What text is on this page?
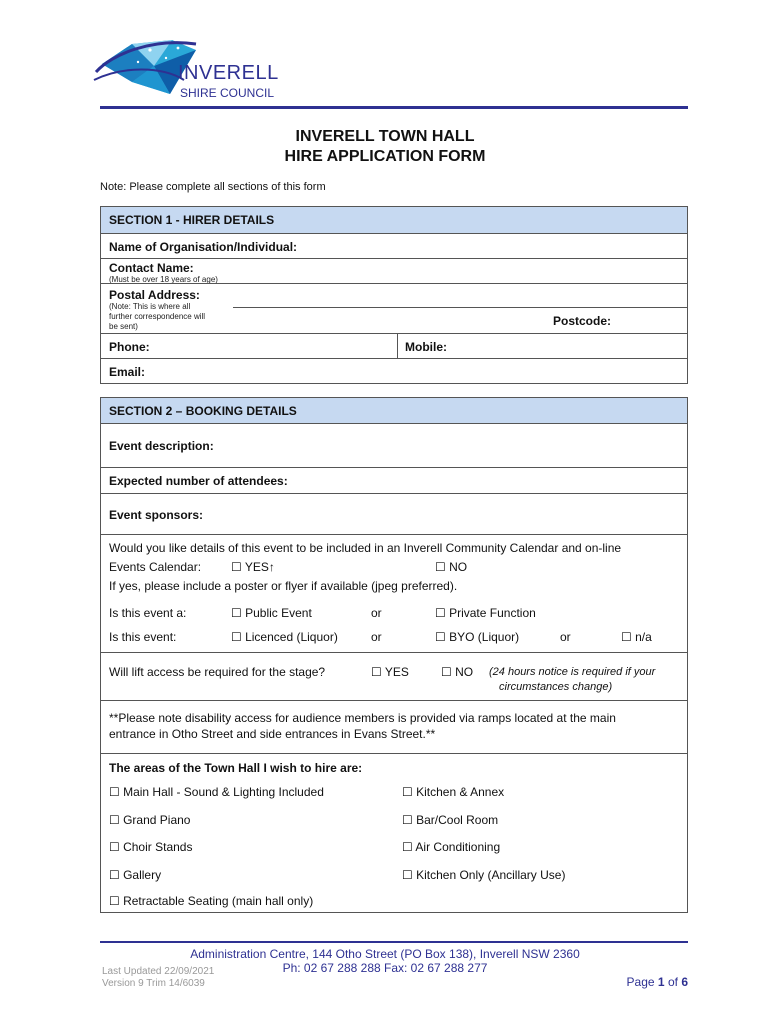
INVERELL
SHIRE COUNCIL
INVERELL TOWN HALL
HIRE APPLICATION FORM
Note: Please complete all sections of this form
SECTION 1 - HIRER DETAILS
Name of Organisation/Individual:
Contact Name:
(Must be over 18 years of age)
Postal Address:
(Note: This is where all
further correspondence will
be sent)	Postcode:
Phone:	Mobile:
Email:
SECTION 2 – BOOKING DETAILS
Event description:
Expected number of attendees:
Event sponsors:
Would you like details of this event to be included in an Inverell Community Calendar and on-line
Events Calendar: ☐ YES↑	☐ NO
If yes, please include a poster or flyer if available (jpeg preferred).
Is this event a:	☐ Public Event	or	☐ Private Function
Is this event:	☐ Licenced (Liquor)	or	☐ BYO (Liquor)	or	☐ n/a
Will lift access be required for the stage?	☐ YES	☐ NO (24 hours notice is required if your
circumstances change)
**Please note disability access for audience members is provided via ramps located at the main
entrance in Otho Street and side entrances in Evans Street.**
The areas of the Town Hall I wish to hire are:
☐ Main Hall - Sound & Lighting Included
☐ Grand Piano
☐ Choir Stands
☐ Gallery
☐ Retractable Seating (main hall only)
☐ Kitchen & Annex
☐ Bar/Cool Room
☐ Air Conditioning
☐ Kitchen Only (Ancillary Use)
Administration Centre, 144 Otho Street (PO Box 138), Inverell NSW 2360
Ph: 02 67 288 288 Fax: 02 67 288 277
Last Updated 22/09/2021
Version 9 Trim 14/6039	Page 1 of 6
